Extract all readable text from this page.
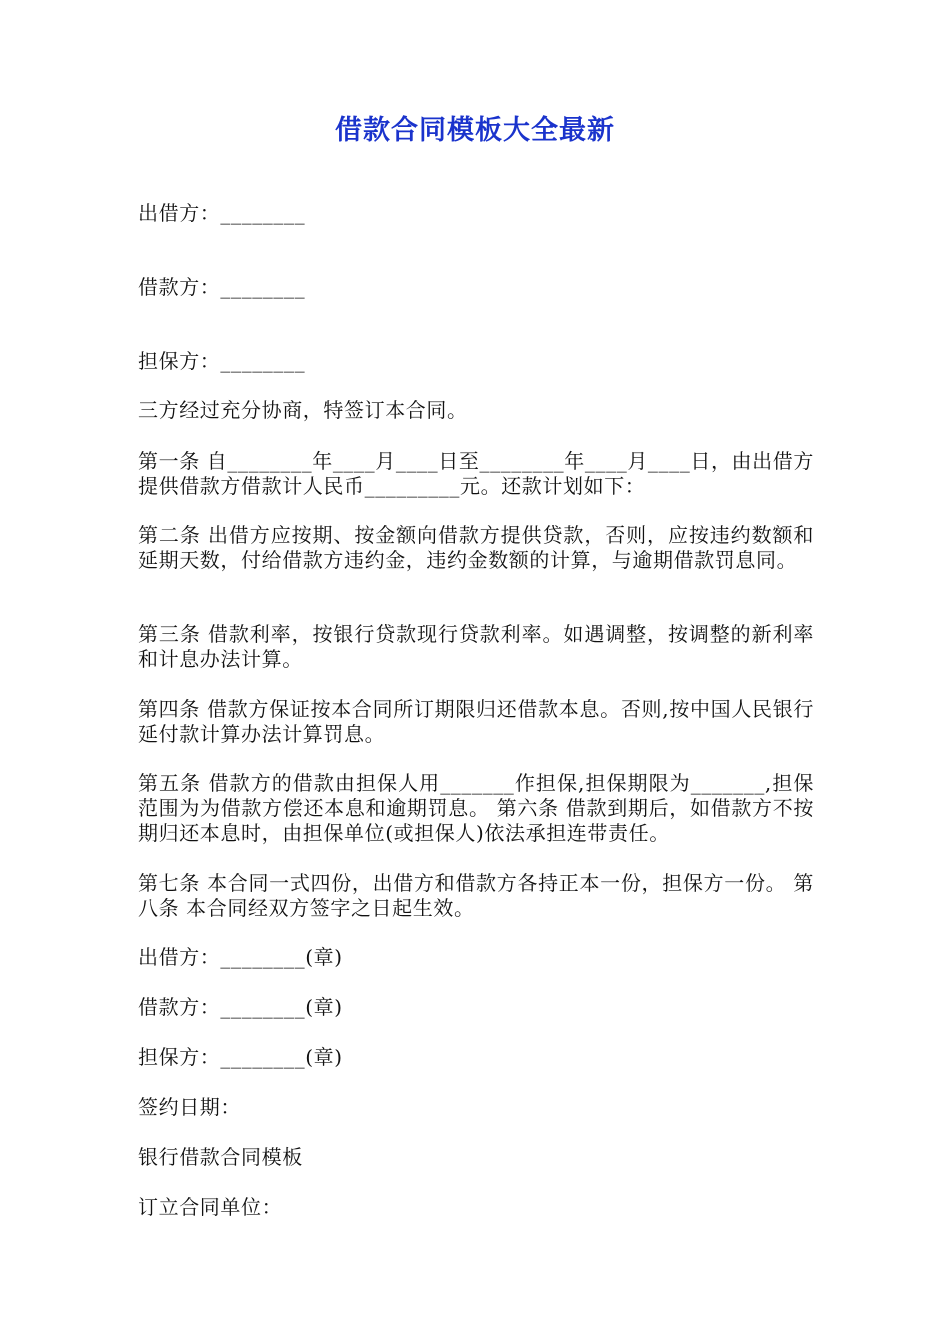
借款合同模板大全最新

出借方：________

借款方：________

担保方：________

三方经过充分协商，特签订本合同。

第一条 自________年____月____日至________年____月____日，由出借方提供借款方借款计人民币_________元。还款计划如下：

第二条 出借方应按期、按金额向借款方提供贷款，否则，应按违约数额和延期天数，付给借款方违约金，违约金数额的计算，与逾期借款罚息同。

第三条 借款利率，按银行贷款现行贷款利率。如遇调整，按调整的新利率和计息办法计算。

第四条 借款方保证按本合同所订期限归还借款本息。否则,按中国人民银行延付款计算办法计算罚息。

第五条 借款方的借款由担保人用_______作担保,担保期限为_______,担保范围为为借款方偿还本息和逾期罚息。 第六条 借款到期后，如借款方不按期归还本息时，由担保单位(或担保人)依法承担连带责任。

第七条 本合同一式四份，出借方和借款方各持正本一份，担保方一份。 第八条 本合同经双方签字之日起生效。

出借方：________(章)

借款方：________(章)

担保方：________(章)

签约日期：

银行借款合同模板

订立合同单位：
